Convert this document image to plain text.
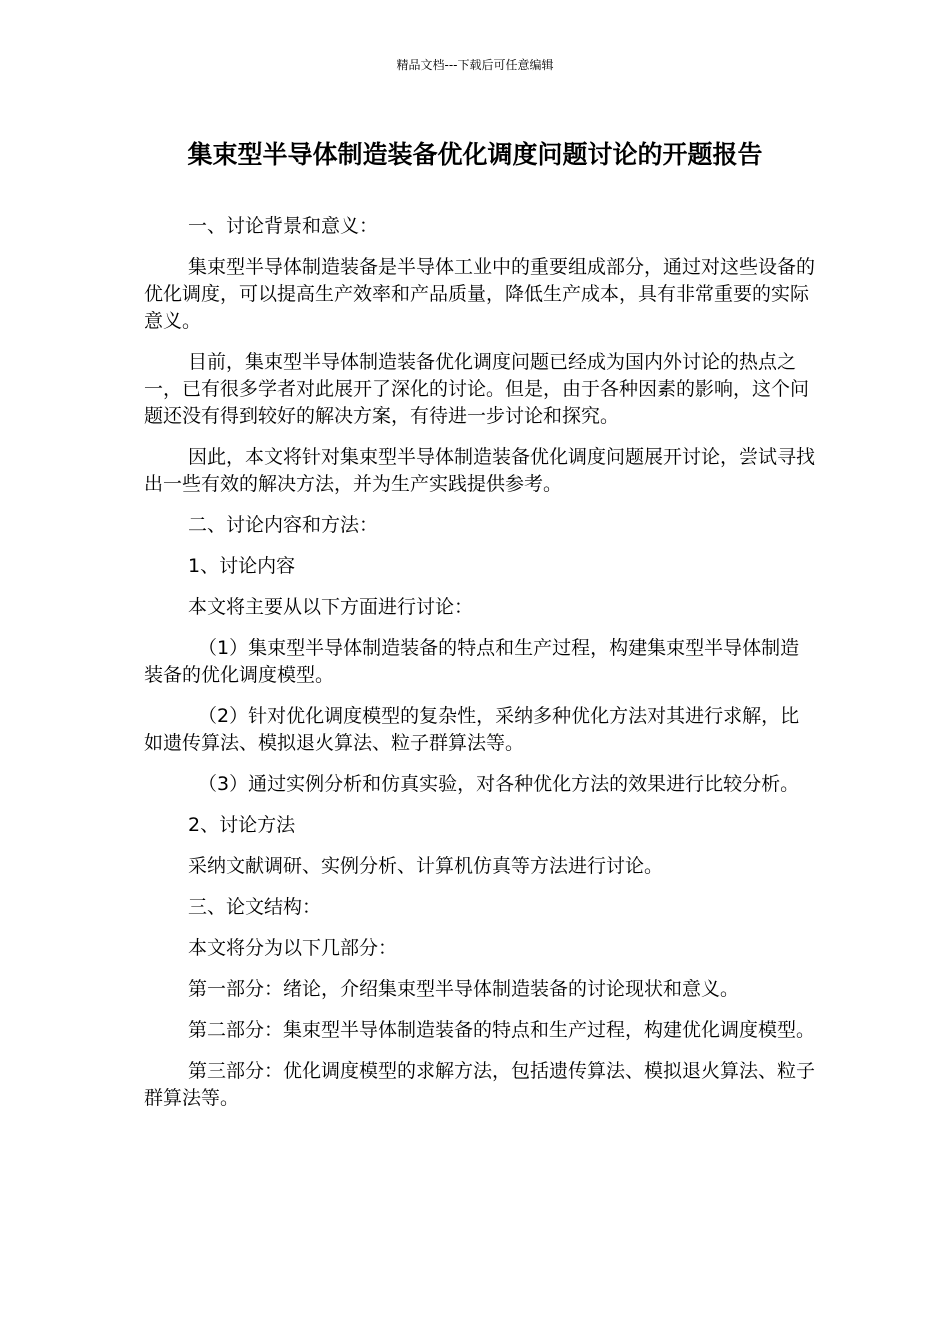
精品文档---下载后可任意编辑
集束型半导体制造装备优化调度问题讨论的开题报告

一、讨论背景和意义：

集束型半导体制造装备是半导体工业中的重要组成部分，通过对这些设备的优化调度，可以提高生产效率和产品质量，降低生产成本，具有非常重要的实际意义。

目前，集束型半导体制造装备优化调度问题已经成为国内外讨论的热点之一，已有很多学者对此展开了深化的讨论。但是，由于各种因素的影响，这个问题还没有得到较好的解决方案，有待进一步讨论和探究。

因此，本文将针对集束型半导体制造装备优化调度问题展开讨论，尝试寻找出一些有效的解决方法，并为生产实践提供参考。

二、讨论内容和方法：

1、讨论内容

本文将主要从以下方面进行讨论：

（1）集束型半导体制造装备的特点和生产过程，构建集束型半导体制造装备的优化调度模型。

（2）针对优化调度模型的复杂性，采纳多种优化方法对其进行求解，比如遗传算法、模拟退火算法、粒子群算法等。

（3）通过实例分析和仿真实验，对各种优化方法的效果进行比较分析。

2、讨论方法

采纳文献调研、实例分析、计算机仿真等方法进行讨论。

三、论文结构：

本文将分为以下几部分：

第一部分：绪论，介绍集束型半导体制造装备的讨论现状和意义。

第二部分：集束型半导体制造装备的特点和生产过程，构建优化调度模型。

第三部分：优化调度模型的求解方法，包括遗传算法、模拟退火算法、粒子群算法等。
